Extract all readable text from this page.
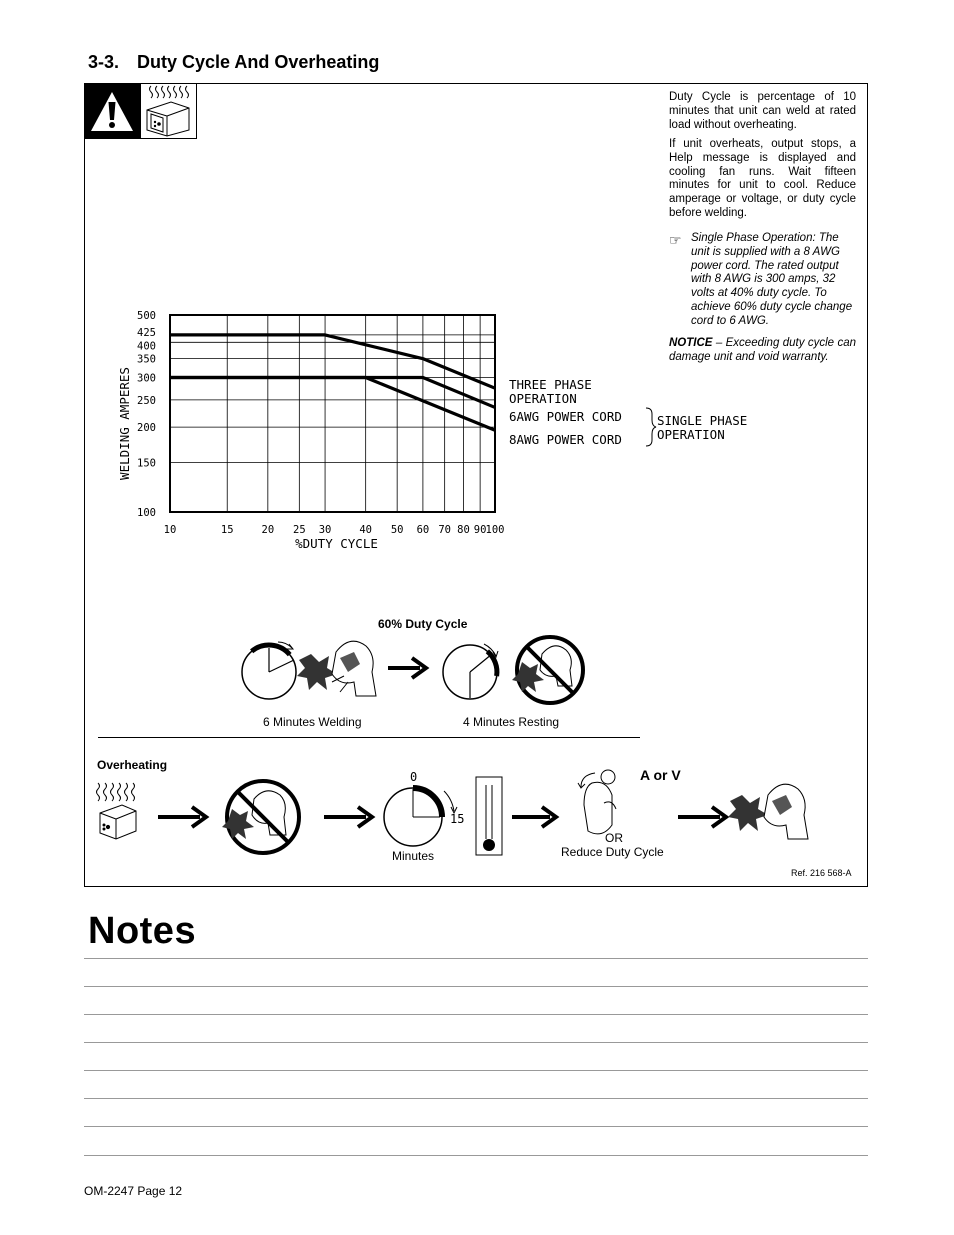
3-3. Duty Cycle And Overheating
Duty Cycle is percentage of 10 minutes that unit can weld at rated load without overheating.
If unit overheats, output stops, a Help message is displayed and cooling fan runs. Wait fifteen minutes for unit to cool. Reduce amperage or voltage, or duty cycle before welding.
☞ Single Phase Operation: The unit is supplied with a 8 AWG power cord. The rated output with 8 AWG is 300 amps, 32 volts at 40% duty cycle. To achieve 60% duty cycle change cord to 6 AWG.
NOTICE – Exceeding duty cycle can damage unit and void warranty.
10	15	20 25 30	40 50 60 70 80 90 100
100
150
200
250
300
350
400
425
500
%DUTY CYCLE
WELDING AMPERES	THREE PHASE
OPERATION
6AWG POWER CORD
8AWG POWER CORD
SINGLE PHASE
OPERATION
60% Duty Cycle
6 Minutes Welding	4 Minutes Resting
Overheating
0
15
A or V
OR
Reduce Duty Cycle
Minutes
Ref. 216 568-A
Notes
OM-2247 Page 12
